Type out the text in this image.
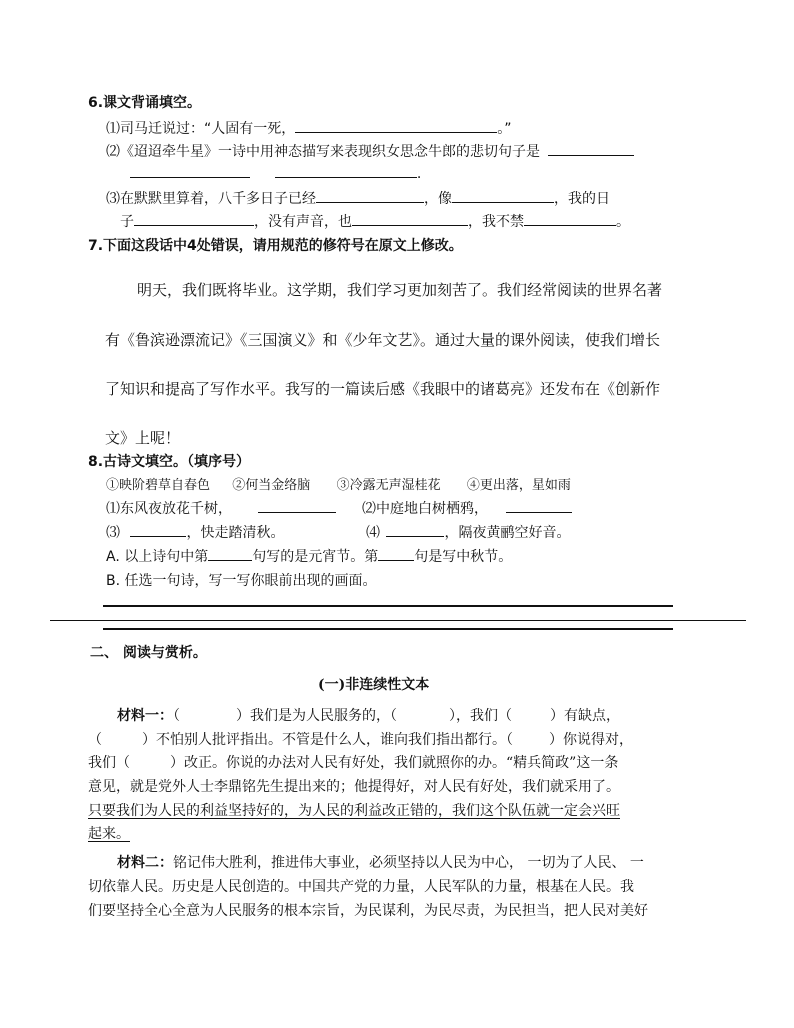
6.课文背诵填空。
⑴司马迁说过：“人固有一死，	。”
⑵《迢迢牵牛星》一诗中用神态描写来表现织女思念牛郎的悲切句子是
.
⑶在默默里算着，八千多日子已经	，像	，我的日
子	，没有声音，也	，我不禁	。
7.下面这段话中4处错误，请用规范的修符号在原文上修改。
明天，我们既将毕业。这学期，我们学习更加刻苦了。我们经常阅读的世界名著
有《鲁滨逊漂流记》《三国演义》和《少年文艺》。通过大量的课外阅读，使我们增长
了知识和提高了写作水平。我写的一篇读后感《我眼中的诸葛亮》还发布在《创新作
文》上呢！
8.古诗文填空。（填序号）
①映阶碧草自春色 ②何当金络脑 ③冷露无声湿桂花 ④更出落，星如雨
⑴东风夜放花千树，	⑵中庭地白树栖鸦，
⑶	，快走踏清秋。	⑷	，隔夜黄鹂空好音。
A. 以上诗句中第	句写的是元宵节。第	句是写中秋节。
B. 任选一句诗，写一写你眼前出现的画面。
二、 阅读与赏析。
(一)非连续性文本
材料一：（	）我们是为人民服务的，（	），我们（	）有缺点，
（	）不怕别人批评指出。不管是什么人，谁向我们指出都行。（	）你说得对，
我们（	）改正。你说的办法对人民有好处，我们就照你的办。“精兵简政”这一条
意见，就是党外人士李鼎铭先生提出来的；他提得好，对人民有好处，我们就采用了。
只要我们为人民的利益坚持好的，为人民的利益改正错的，我们这个队伍就一定会兴旺
起来。
材料二：铭记伟大胜利，推进伟大事业，必须坚持以人民为中心， 一切为了人民、 一
切依靠人民。历史是人民创造的。中国共产党的力量，人民军队的力量，根基在人民。我
们要坚持全心全意为人民服务的根本宗旨，为民谋利，为民尽责，为民担当，把人民对美好
